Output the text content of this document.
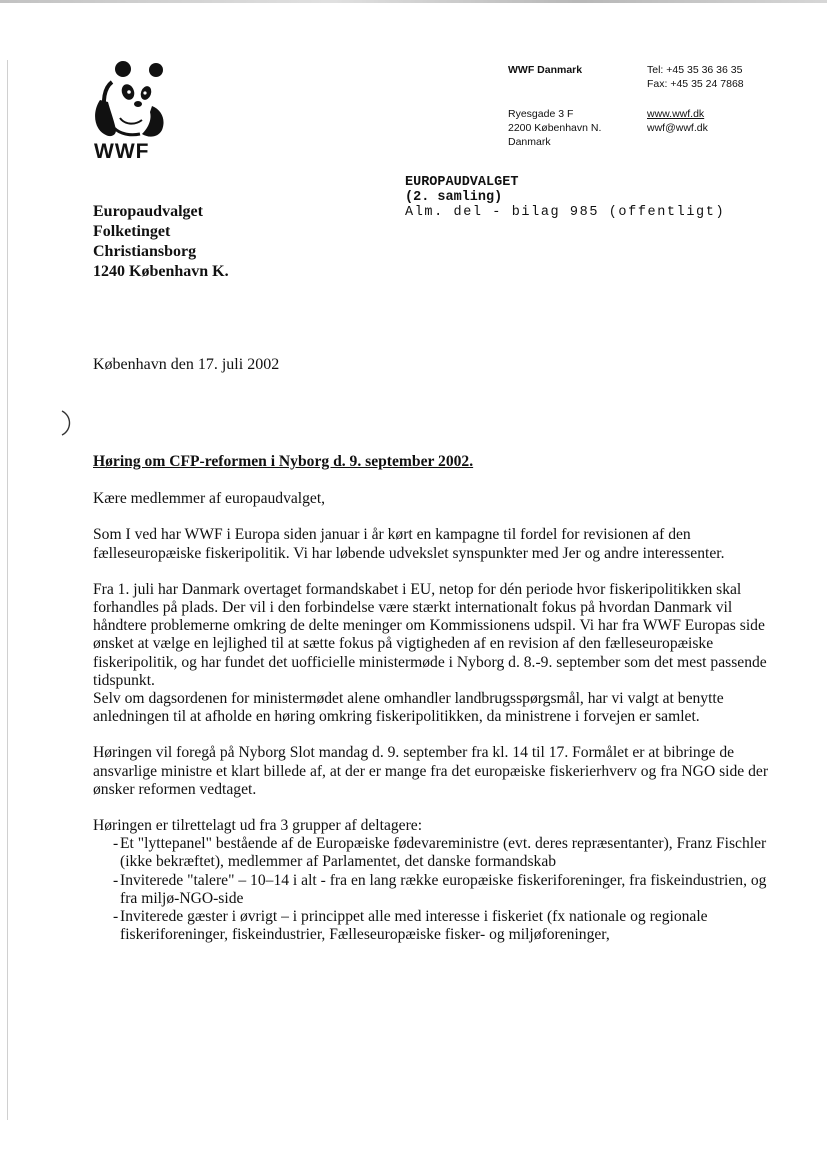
WWF
WWF Danmark	Tel: +45 35 36 36 35
Fax: +45 35 24 7868
Ryesgade 3 F
2200 København N.
Danmark
www.wwf.dk
wwf@wwf.dk
EUROPAUDVALGET
(2. samling)
Alm. del - bilag 985 (offentligt)
Europaudvalget
Folketinget
Christiansborg
1240 København K.
København den 17. juli 2002

Høring om CFP-reformen i Nyborg d. 9. september 2002.

Kære medlemmer af europaudvalget,

Som I ved har WWF i Europa siden januar i år kørt en kampagne til fordel for revisionen af den fælleseuropæiske fiskeripolitik. Vi har løbende udvekslet synspunkter med Jer og andre interessenter.

Fra 1. juli har Danmark overtaget formandskabet i EU, netop for dén periode hvor fiskeripolitikken skal forhandles på plads. Der vil i den forbindelse være stærkt internationalt fokus på hvordan Danmark vil håndtere problemerne omkring de delte meninger om Kommissionens udspil. Vi har fra WWF Europas side ønsket at vælge en lejlighed til at sætte fokus på vigtigheden af en revision af den fælleseuropæiske fiskeripolitik, og har fundet det uofficielle ministermøde i Nyborg d. 8.-9. september som det mest passende tidspunkt.

Selv om dagsordenen for ministermødet alene omhandler landbrugsspørgsmål, har vi valgt at benytte anledningen til at afholde en høring omkring fiskeripolitikken, da ministrene i forvejen er samlet.

Høringen vil foregå på Nyborg Slot mandag d. 9. september fra kl. 14 til 17. Formålet er at bibringe de ansvarlige ministre et klart billede af, at der er mange fra det europæiske fiskerierhverv og fra NGO side der ønsker reformen vedtaget.

Høringen er tilrettelagt ud fra 3 grupper af deltagere:

- Et "lyttepanel" bestående af de Europæiske fødevareministre (evt. deres repræsentanter), Franz Fischler (ikke bekræftet), medlemmer af Parlamentet, det danske formandskab
- Inviterede "talere" – 10–14 i alt - fra en lang række europæiske fiskeriforeninger, fra fiskeindustrien, og fra miljø-NGO-side
- Inviterede gæster i øvrigt – i princippet alle med interesse i fiskeriet (fx nationale og regionale fiskeriforeninger, fiskeindustrier, Fælleseuropæiske fisker- og miljøforeninger,
